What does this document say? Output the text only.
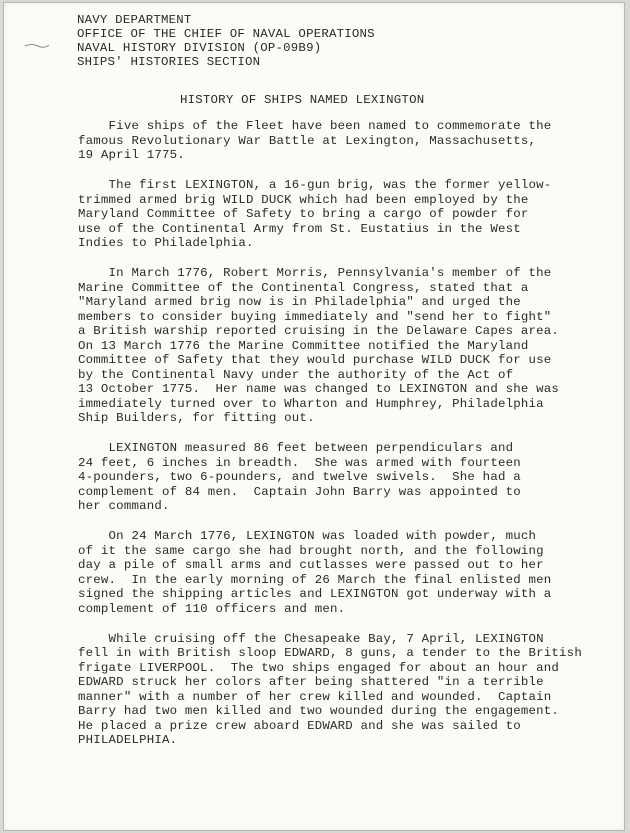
NAVY DEPARTMENT
OFFICE OF THE CHIEF OF NAVAL OPERATIONS
NAVAL HISTORY DIVISION (OP-09B9)
SHIPS' HISTORIES SECTION
HISTORY OF SHIPS NAMED LEXINGTON
Five ships of the Fleet have been named to commemorate the
famous Revolutionary War Battle at Lexington, Massachusetts,
19 April 1775.
The first LEXINGTON, a 16-gun brig, was the former yellow-
trimmed armed brig WILD DUCK which had been employed by the
Maryland Committee of Safety to bring a cargo of powder for
use of the Continental Army from St. Eustatius in the West
Indies to Philadelphia.
In March 1776, Robert Morris, Pennsylvania's member of the
Marine Committee of the Continental Congress, stated that a
"Maryland armed brig now is in Philadelphia" and urged the
members to consider buying immediately and "send her to fight"
a British warship reported cruising in the Delaware Capes area.
On 13 March 1776 the Marine Committee notified the Maryland
Committee of Safety that they would purchase WILD DUCK for use
by the Continental Navy under the authority of the Act of
13 October 1775.  Her name was changed to LEXINGTON and she was
immediately turned over to Wharton and Humphrey, Philadelphia
Ship Builders, for fitting out.
LEXINGTON measured 86 feet between perpendiculars and
24 feet, 6 inches in breadth.  She was armed with fourteen
4-pounders, two 6-pounders, and twelve swivels.  She had a
complement of 84 men.  Captain John Barry was appointed to
her command.
On 24 March 1776, LEXINGTON was loaded with powder, much
of it the same cargo she had brought north, and the following
day a pile of small arms and cutlasses were passed out to her
crew.  In the early morning of 26 March the final enlisted men
signed the shipping articles and LEXINGTON got underway with a
complement of 110 officers and men.
While cruising off the Chesapeake Bay, 7 April, LEXINGTON
fell in with British sloop EDWARD, 8 guns, a tender to the British
frigate LIVERPOOL.  The two ships engaged for about an hour and
EDWARD struck her colors after being shattered "in a terrible
manner" with a number of her crew killed and wounded.  Captain
Barry had two men killed and two wounded during the engagement.
He placed a prize crew aboard EDWARD and she was sailed to
PHILADELPHIA.
